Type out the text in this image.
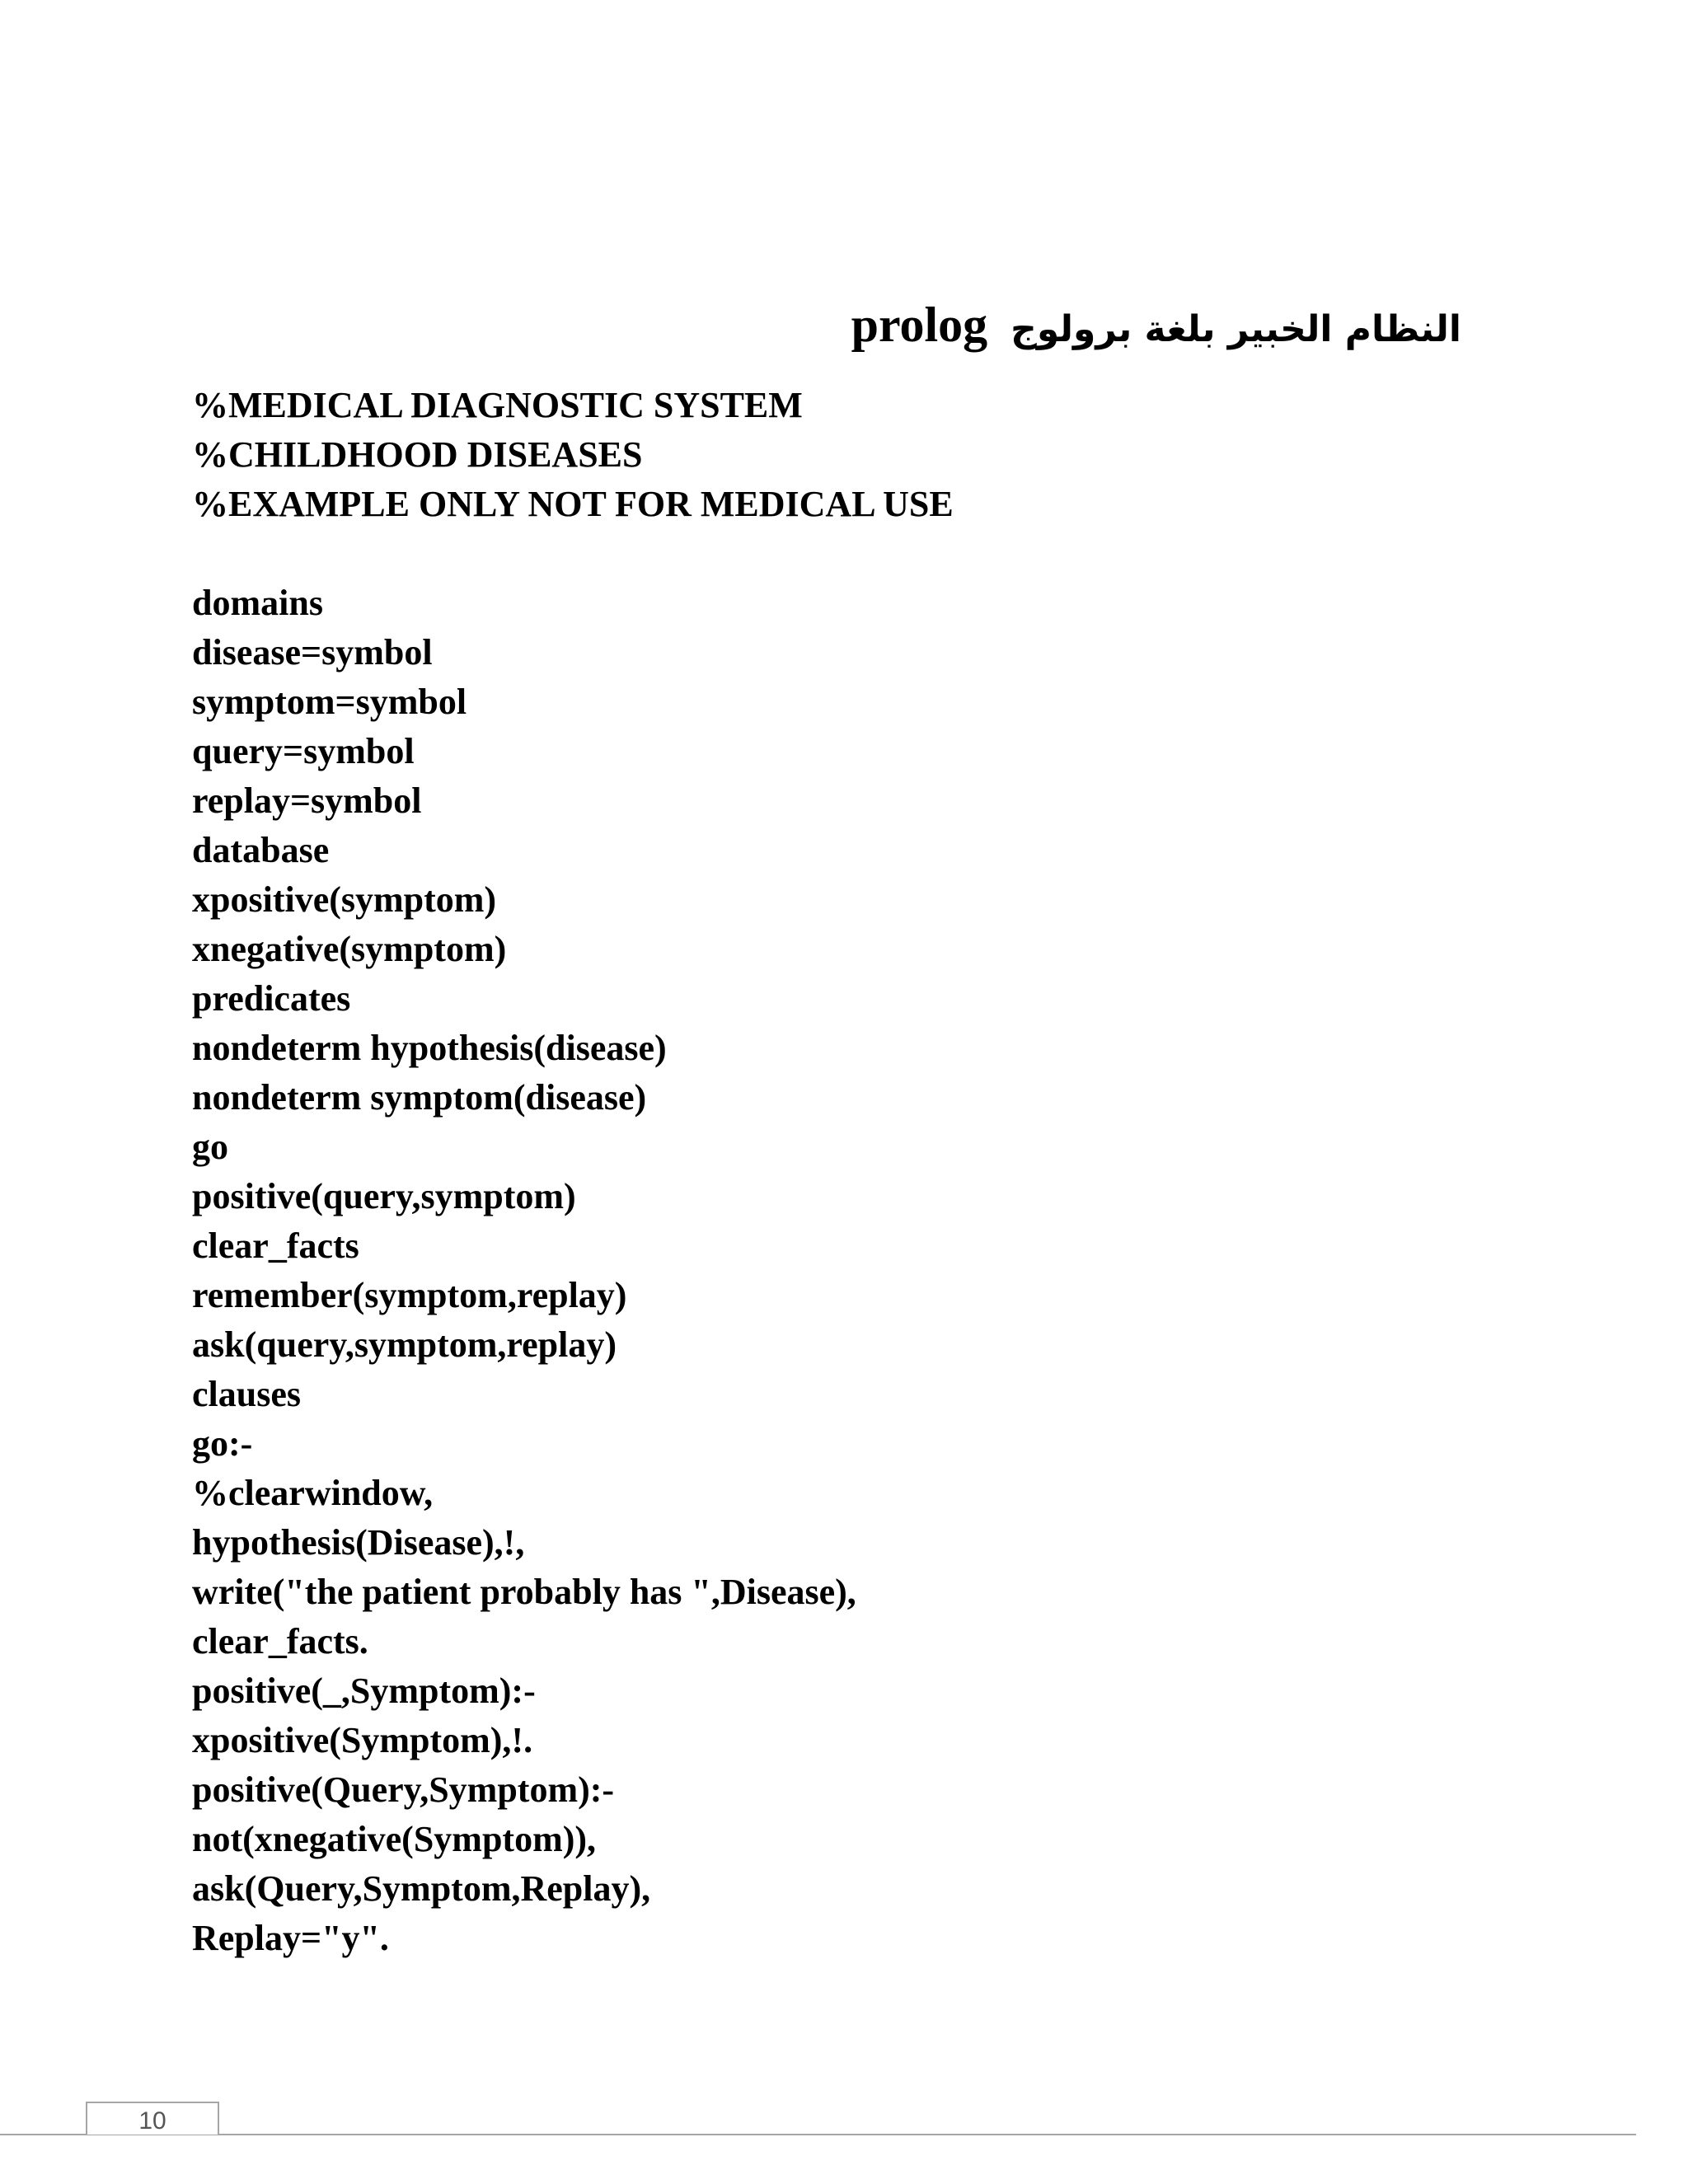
النظام الخبير بلغة برولوج
prolog
%MEDICAL DIAGNOSTIC SYSTEM
%CHILDHOOD DISEASES
%EXAMPLE ONLY NOT FOR MEDICAL USE
domains
disease=symbol
symptom=symbol
query=symbol
replay=symbol
database
xpositive(symptom)
xnegative(symptom)
predicates
nondeterm hypothesis(disease)
nondeterm symptom(disease)
go
positive(query,symptom)
clear_facts
remember(symptom,replay)
ask(query,symptom,replay)
clauses
go:-
%clearwindow,
hypothesis(Disease),!,
write("the patient probably has ",Disease),
clear_facts.
positive(_,Symptom):-
xpositive(Symptom),!.
positive(Query,Symptom):-
not(xnegative(Symptom)),
ask(Query,Symptom,Replay),
Replay="y".
10
